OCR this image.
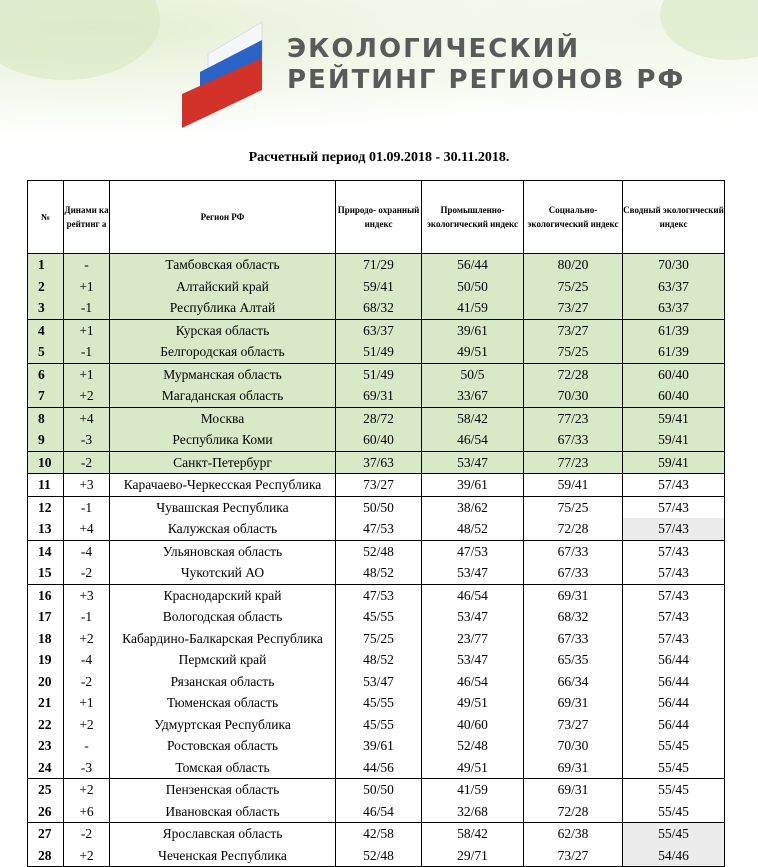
ЭКОЛОГИЧЕСКИЙ
РЕЙТИНГ РЕГИОНОВ РФ
Расчетный период 01.09.2018 - 30.11.2018.
№	Динами ка рейтинг а	Регион РФ	Природо- охранный индекс	Промышленно- экологический индекс	Социально- экологический индекс	Сводный экологический индекс
1	-	Тамбовская область	71/29	56/44	80/20	70/30
2	+1	Алтайский край	59/41	50/50	75/25	63/37
3	-1	Республика Алтай	68/32	41/59	73/27	63/37
4	+1	Курская область	63/37	39/61	73/27	61/39
5	-1	Белгородская область	51/49	49/51	75/25	61/39
6	+1	Мурманская область	51/49	50/5	72/28	60/40
7	+2	Магаданская область	69/31	33/67	70/30	60/40
8	+4	Москва	28/72	58/42	77/23	59/41
9	-3	Республика Коми	60/40	46/54	67/33	59/41
10	-2	Санкт-Петербург	37/63	53/47	77/23	59/41
11	+3	Карачаево-Черкесская Республика	73/27	39/61	59/41	57/43
12	-1	Чувашская Республика	50/50	38/62	75/25	57/43
13	+4	Калужская область	47/53	48/52	72/28	57/43
14	-4	Ульяновская область	52/48	47/53	67/33	57/43
15	-2	Чукотский АО	48/52	53/47	67/33	57/43
16	+3	Краснодарский край	47/53	46/54	69/31	57/43
17	-1	Вологодская область	45/55	53/47	68/32	57/43
18	+2	Кабардино-Балкарская Республика	75/25	23/77	67/33	57/43
19	-4	Пермский край	48/52	53/47	65/35	56/44
20	-2	Рязанская область	53/47	46/54	66/34	56/44
21	+1	Тюменская область	45/55	49/51	69/31	56/44
22	+2	Удмуртская Республика	45/55	40/60	73/27	56/44
23	-	Ростовская область	39/61	52/48	70/30	55/45
24	-3	Томская область	44/56	49/51	69/31	55/45
25	+2	Пензенская область	50/50	41/59	69/31	55/45
26	+6	Ивановская область	46/54	32/68	72/28	55/45
27	-2	Ярославская область	42/58	58/42	62/38	55/45
28	+2	Чеченская Республика	52/48	29/71	73/27	54/46
